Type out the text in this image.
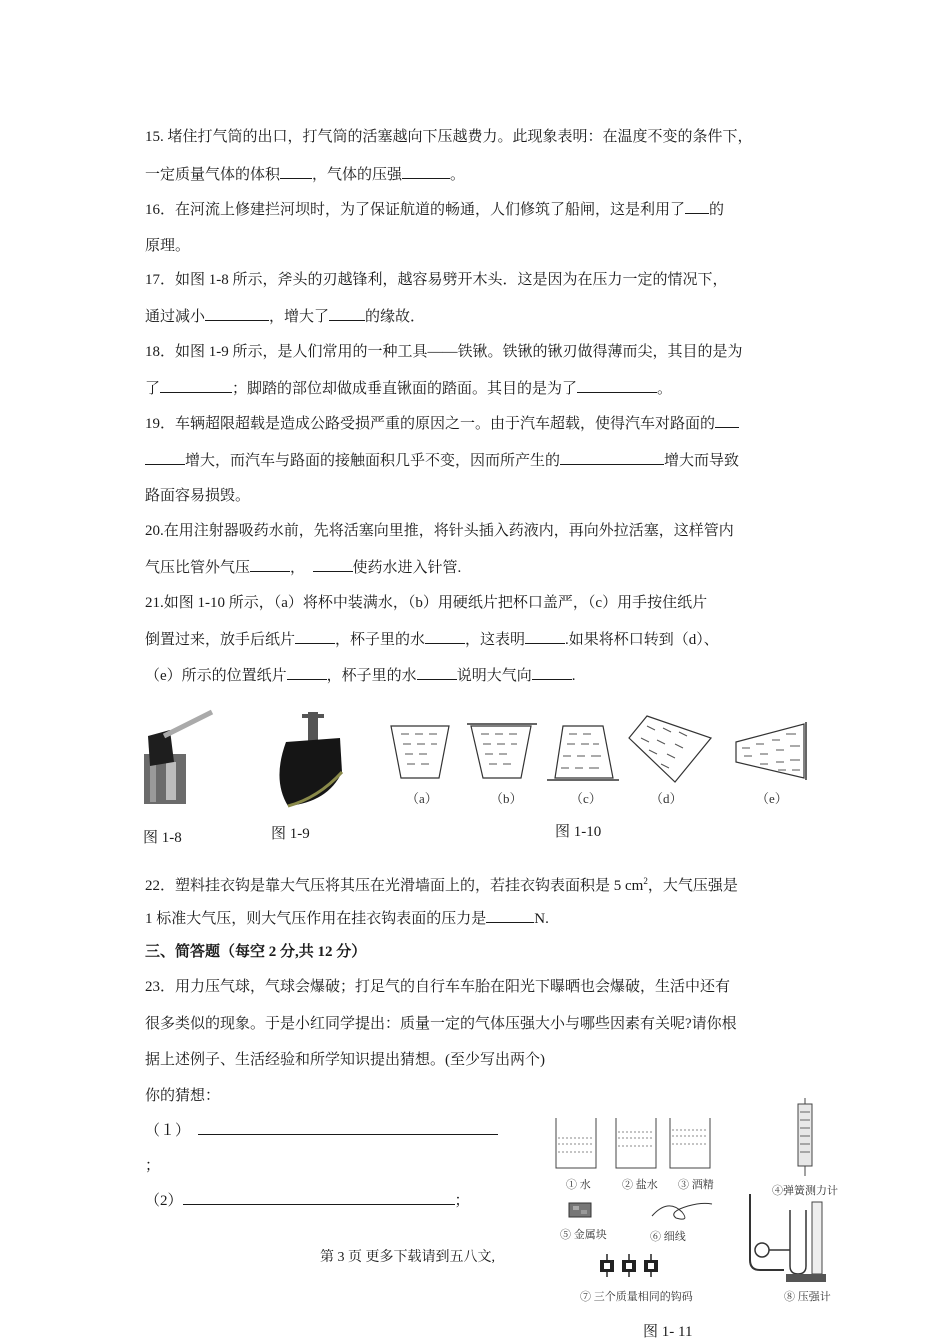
15. 堵住打气筒的出口，打气筒的活塞越向下压越费力。此现象表明：在温度不变的条件下，
一定质量气体的体积 ，气体的压强	。
16．在河流上修建拦河坝时，为了保证航道的畅通，人们修筑了船闸，这是利用了 的
原理。
17．如图 1-8 所示，斧头的刃越锋利，越容易劈开木头．这是因为在压力一定的情况下，
通过减小	，增大了 的缘故．
18．如图 1-9 所示，是人们常用的一种工具——铁锹。铁锹的锹刃做得薄而尖，其目的是为
了	；脚踏的部位却做成垂直锹面的踏面。其目的是为了	。
19．车辆超限超载是造成公路受损严重的原因之一。由于汽车超载，使得汽车对路面的
增大，而汽车与路面的接触面积几乎不变，因而所产生的	增大而导致
路面容易损毁。
20.在用注射器吸药水前，先将活塞向里推，将针头插入药液内，再向外拉活塞，这样管内
气压比管外气压	，	使药水进入针管.
21.如图 1-10 所示，（a）将杯中装满水，（b）用硬纸片把杯口盖严，（c）用手按住纸片
倒置过来，放手后纸片	，杯子里的水	，这表明	.如果将杯口转到（d）、
（e）所示的位置纸片	，杯子里的水	说明大气向	.
图 1-8	图 1-9
（a）	（b）	（c）	（d）	（e）
图 1-10
22．塑料挂衣钩是靠大气压将其压在光滑墙面上的，若挂衣钩表面积是 5 $cm^2$，大气压强是
1 标准大气压，则大气压作用在挂衣钩表面的压力是	N.
三、简答题（每空 2 分,共 12 分）
23．用力压气球，气球会爆破；打足气的自行车车胎在阳光下曝晒也会爆破，生活中还有
很多类似的现象。于是小红同学提出：质量一定的气体压强大小与哪些因素有关呢?请你根
据上述例子、生活经验和所学知识提出猜想。(至少写出两个)
你的猜想：
（１）
；
（2）	；
第 3 页 更多下载请到五八文,
① 水	② 盐水 ③ 酒精	④弹簧测力计
⑤ 金属块	⑥ 细线
⑦ 三个质量相同的钩码	⑧ 压强计
图 1- 11
